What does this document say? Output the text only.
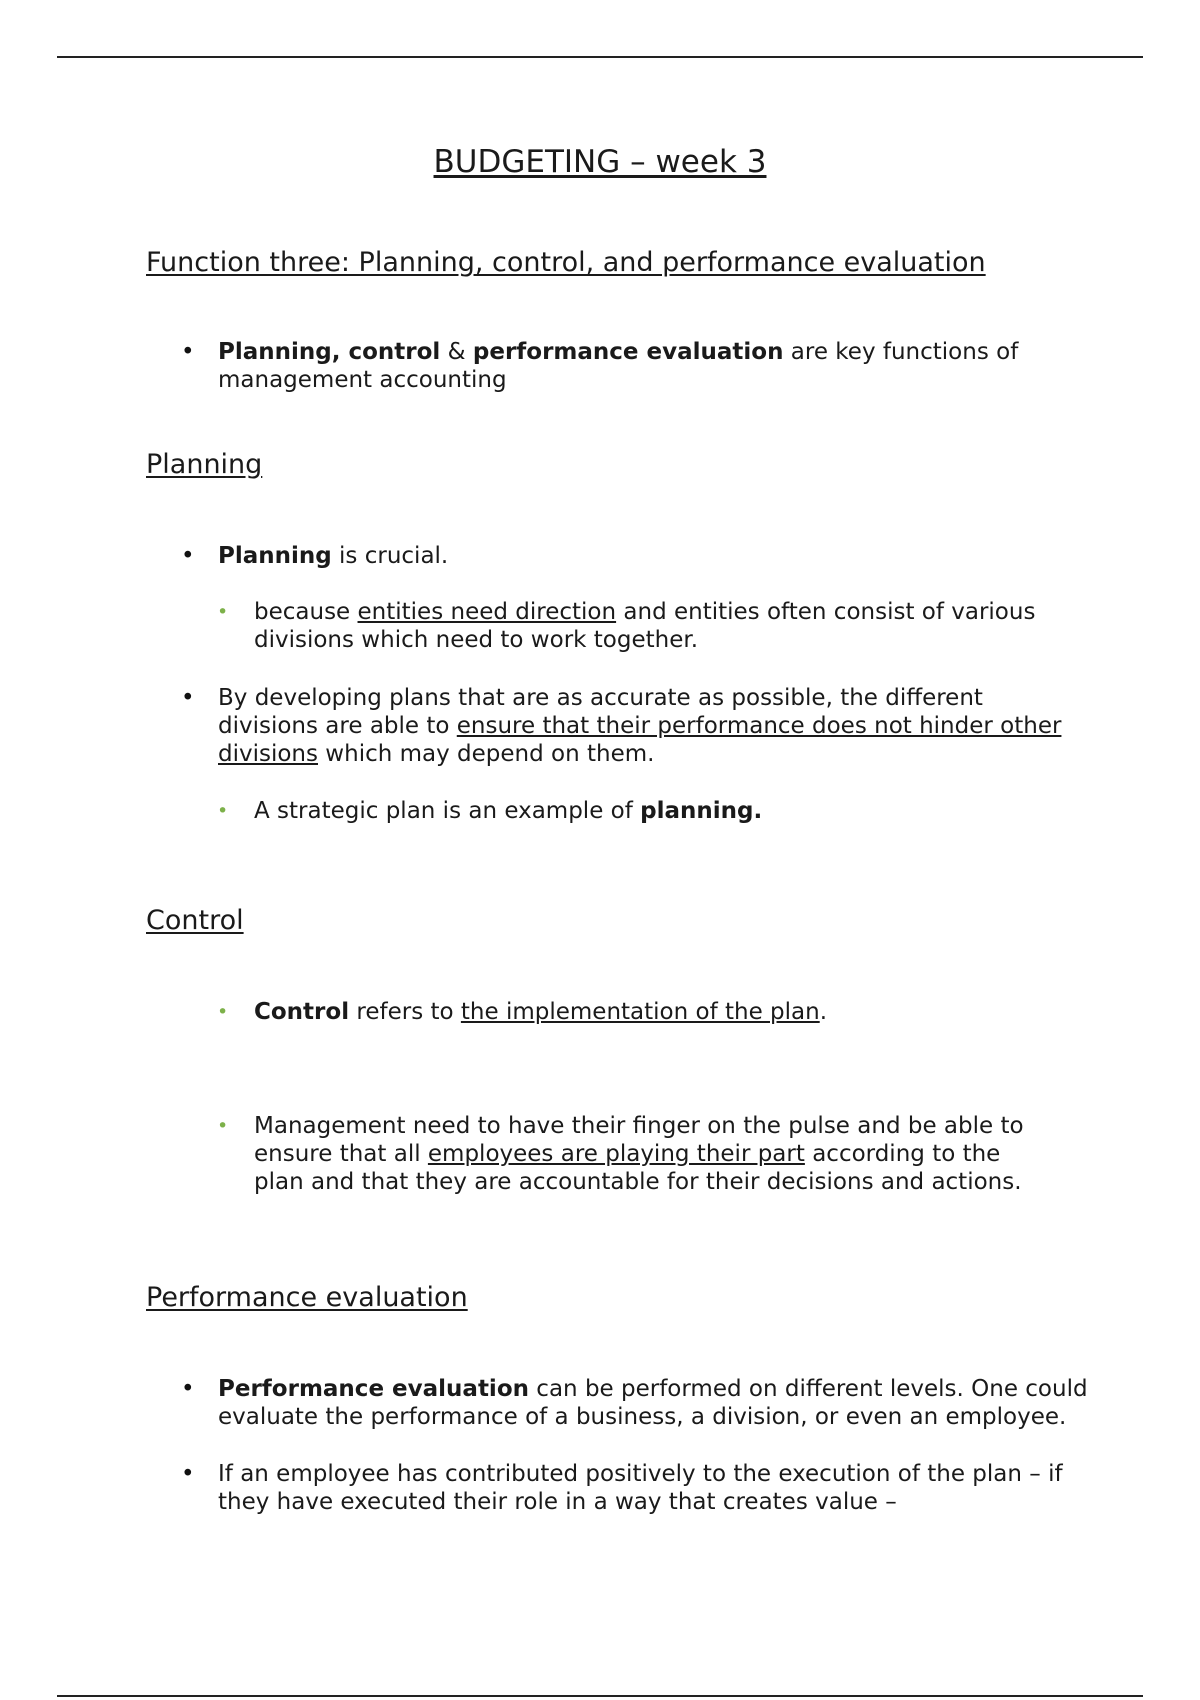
BUDGETING – week 3
Function three: Planning, control, and performance evaluation
• Planning, control & performance evaluation are key functions of management accounting
Planning
• Planning is crucial.
• because entities need direction and entities often consist of various divisions which need to work together.
• By developing plans that are as accurate as possible, the different divisions are able to ensure that their performance does not hinder other divisions which may depend on them.
• A strategic plan is an example of planning.
Control
• Control refers to the implementation of the plan.
• Management need to have their finger on the pulse and be able to ensure that all employees are playing their part according to the plan and that they are accountable for their decisions and actions.
Performance evaluation
• Performance evaluation can be performed on different levels. One could evaluate the performance of a business, a division, or even an employee.
• If an employee has contributed positively to the execution of the plan – if they have executed their role in a way that creates value –
